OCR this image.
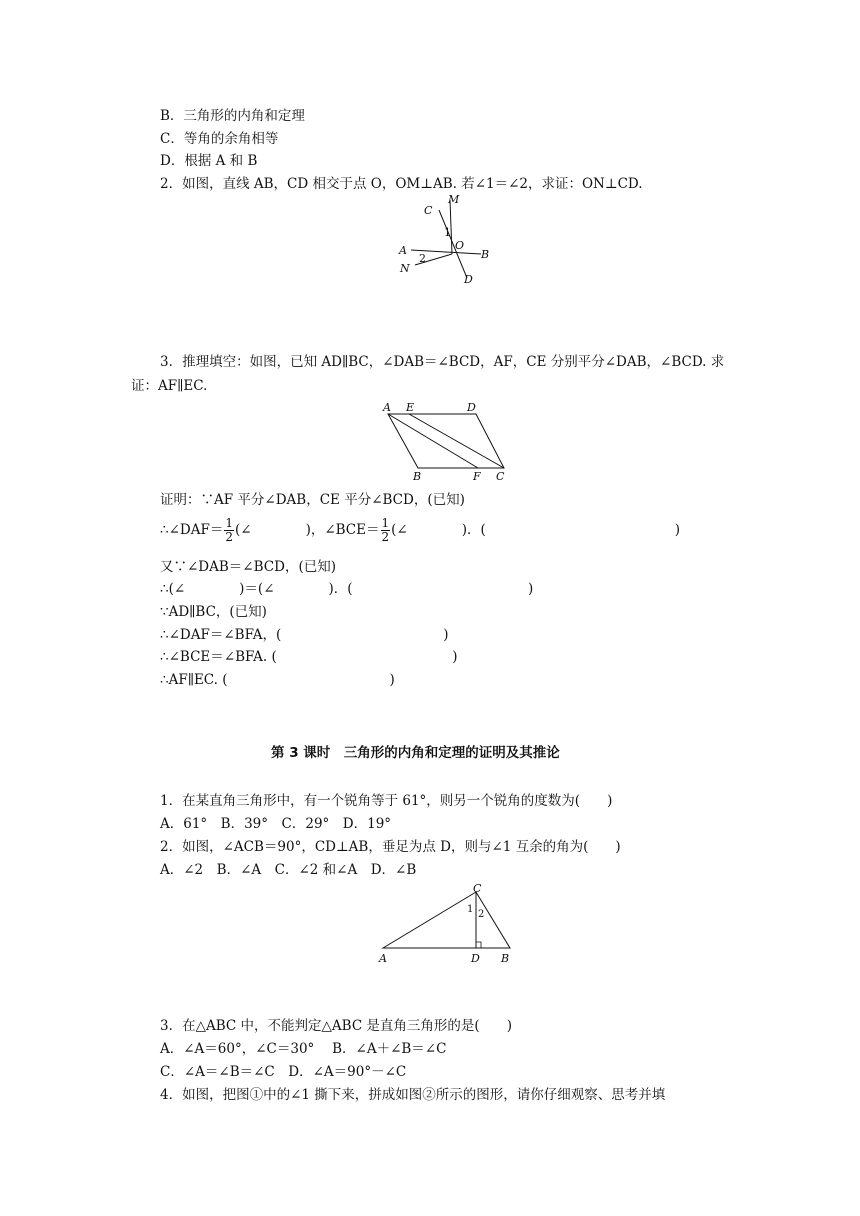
B．三角形的内角和定理
C．等角的余角相等
D．根据 A 和 B
2．如图，直线 AB，CD 相交于点 O，OM⊥AB. 若∠1＝∠2，求证：ON⊥CD.
C
M
1
O
A	B
2
N
D
3．推理填空：如图，已知 AD∥BC，∠DAB＝∠BCD，AF，CE 分别平分∠DAB，∠BCD. 求
证：AF∥EC.
A E	D
B	F C
证明：∵AF 平分∠DAB，CE 平分∠BCD，(已知)
∴∠DAF＝ $\frac{1}{2}$ (∠　　　　)，∠BCE＝ $\frac{1}{2}$ (∠　　　　)．(　　　　　　　　　　　　　　)
又∵∠DAB＝∠BCD，(已知)
∴(∠　　　　)＝(∠　　　　)．(　　　　　　　　　　　　　)
∵AD∥BC，(已知)
∴∠DAF＝∠BFA，(　　　　　　　　　　　　)
∴∠BCE＝∠BFA. (　　　　　　　　　　　　　)
∴AF∥EC. (　　　　　　　　　　　　)
第 3 课时　三角形的内角和定理的证明及其推论
1．在某直角三角形中，有一个锐角等于 61°，则另一个锐角的度数为(　　)
A．61°　B．39°　C．29°　D．19°
2．如图，∠ACB＝90°，CD⊥AB，垂足为点 D，则与∠1 互余的角为(　　)
A．∠2　B．∠A　C．∠2 和∠A　D．∠B
C
1 2
A	D B
3．在△ABC 中，不能判定△ABC 是直角三角形的是(　　)
A．∠A＝60°，∠C＝30°　 B．∠A＋∠B＝∠C
C．∠A＝∠B＝∠C　D．∠A＝90°－∠C
4．如图，把图①中的∠1 撕下来，拼成如图②所示的图形，请你仔细观察、思考并填
